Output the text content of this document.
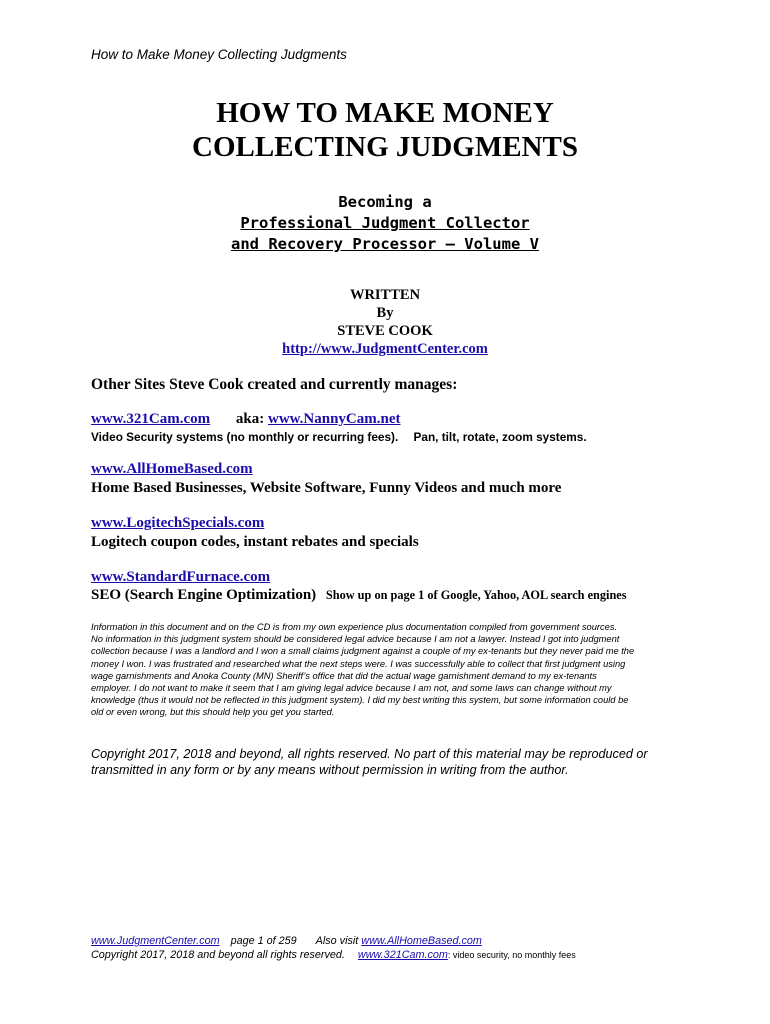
How to Make Money Collecting Judgments
HOW TO MAKE MONEY
COLLECTING JUDGMENTS
Becoming a
Professional Judgment Collector
and Recovery Processor – Volume V
WRITTEN
By
STEVE COOK
http://www.JudgmentCenter.com
Other Sites Steve Cook created and currently manages:
www.321Cam.com aka: www.NannyCam.net
Video Security systems (no monthly or recurring fees). Pan, tilt, rotate, zoom systems.
www.AllHomeBased.com
Home Based Businesses, Website Software, Funny Videos and much more
www.LogitechSpecials.com
Logitech coupon codes, instant rebates and specials
www.StandardFurnace.com
SEO (Search Engine Optimization) Show up on page 1 of Google, Yahoo, AOL search engines
Information in this document and on the CD is from my own experience plus documentation compiled from government sources.
No information in this judgment system should be considered legal advice because I am not a lawyer. Instead I got into judgment
collection because I was a landlord and I won a small claims judgment against a couple of my ex-tenants but they never paid me the
money I won. I was frustrated and researched what the next steps were. I was successfully able to collect that first judgment using
wage garnishments and Anoka County (MN) Sheriff’s office that did the actual wage garnishment demand to my ex-tenants
employer. I do not want to make it seem that I am giving legal advice because I am not, and some laws can change without my
knowledge (thus it would not be reflected in this judgment system). I did my best writing this system, but some information could be
old or even wrong, but this should help you get you started.
Copyright 2017, 2018 and beyond, all rights reserved. No part of this material may be reproduced or
transmitted in any form or by any means without permission in writing from the author.
www.JudgmentCenter.com page 1 of 259 Also visit www.AllHomeBased.com
Copyright 2017, 2018 and beyond all rights reserved. www.321Cam.com: video security, no monthly fees
